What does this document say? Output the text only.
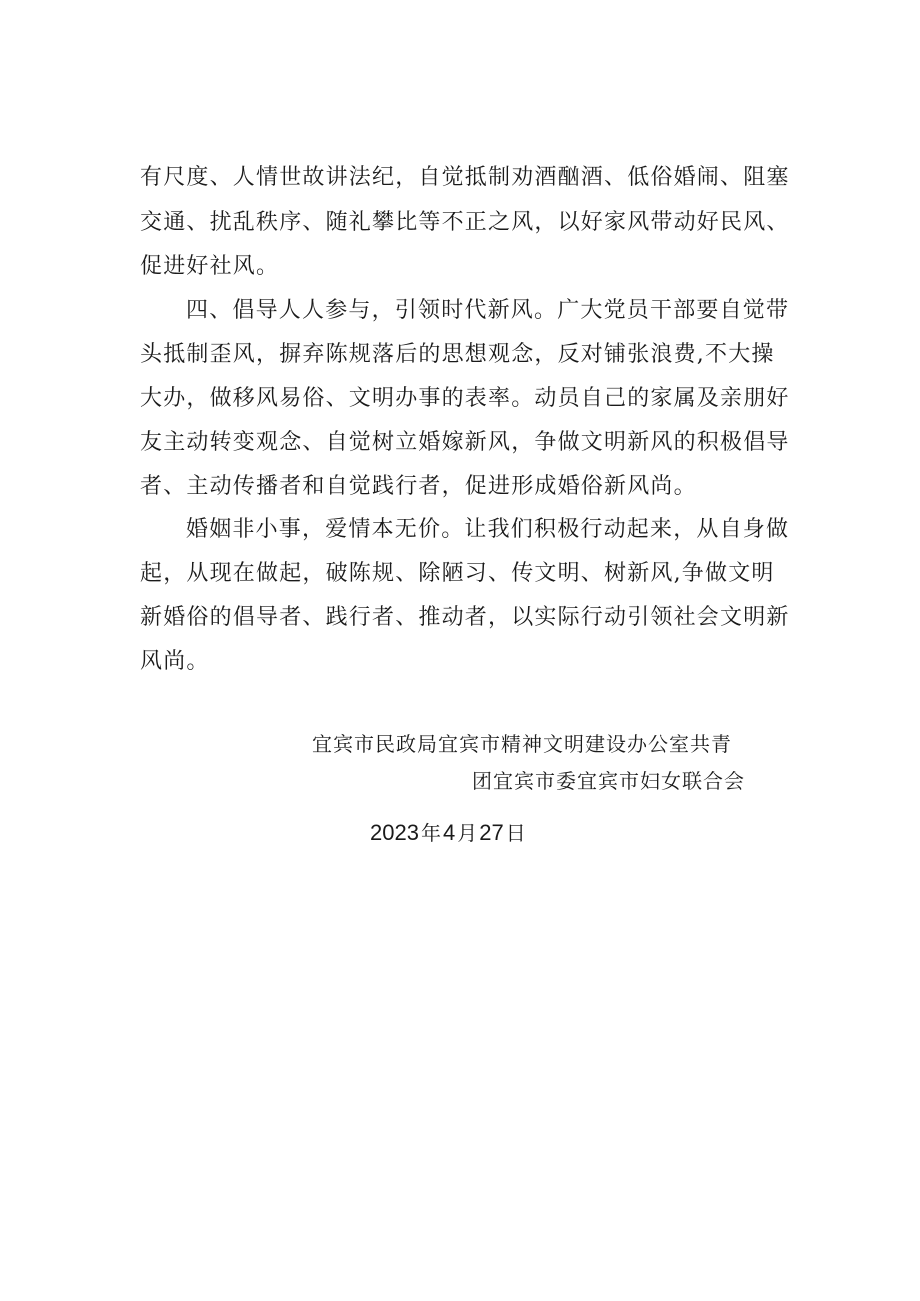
有尺度、人情世故讲法纪，自觉抵制劝酒酗酒、低俗婚闹、阻塞
交通、扰乱秩序、随礼攀比等不正之风，以好家风带动好民风、
促进好社风。
四、倡导人人参与，引领时代新风。广大党员干部要自觉带
头抵制歪风，摒弃陈规落后的思想观念，反对铺张浪费,不大操
大办，做移风易俗、文明办事的表率。动员自己的家属及亲朋好
友主动转变观念、自觉树立婚嫁新风，争做文明新风的积极倡导
者、主动传播者和自觉践行者，促进形成婚俗新风尚。
婚姻非小事，爱情本无价。让我们积极行动起来，从自身做
起，从现在做起，破陈规、除陋习、传文明、树新风,争做文明
新婚俗的倡导者、践行者、推动者，以实际行动引领社会文明新
风尚。
宜宾市民政局宜宾市精神文明建设办公室共青
团宜宾市委宜宾市妇女联合会
2023 年4 月27 日
